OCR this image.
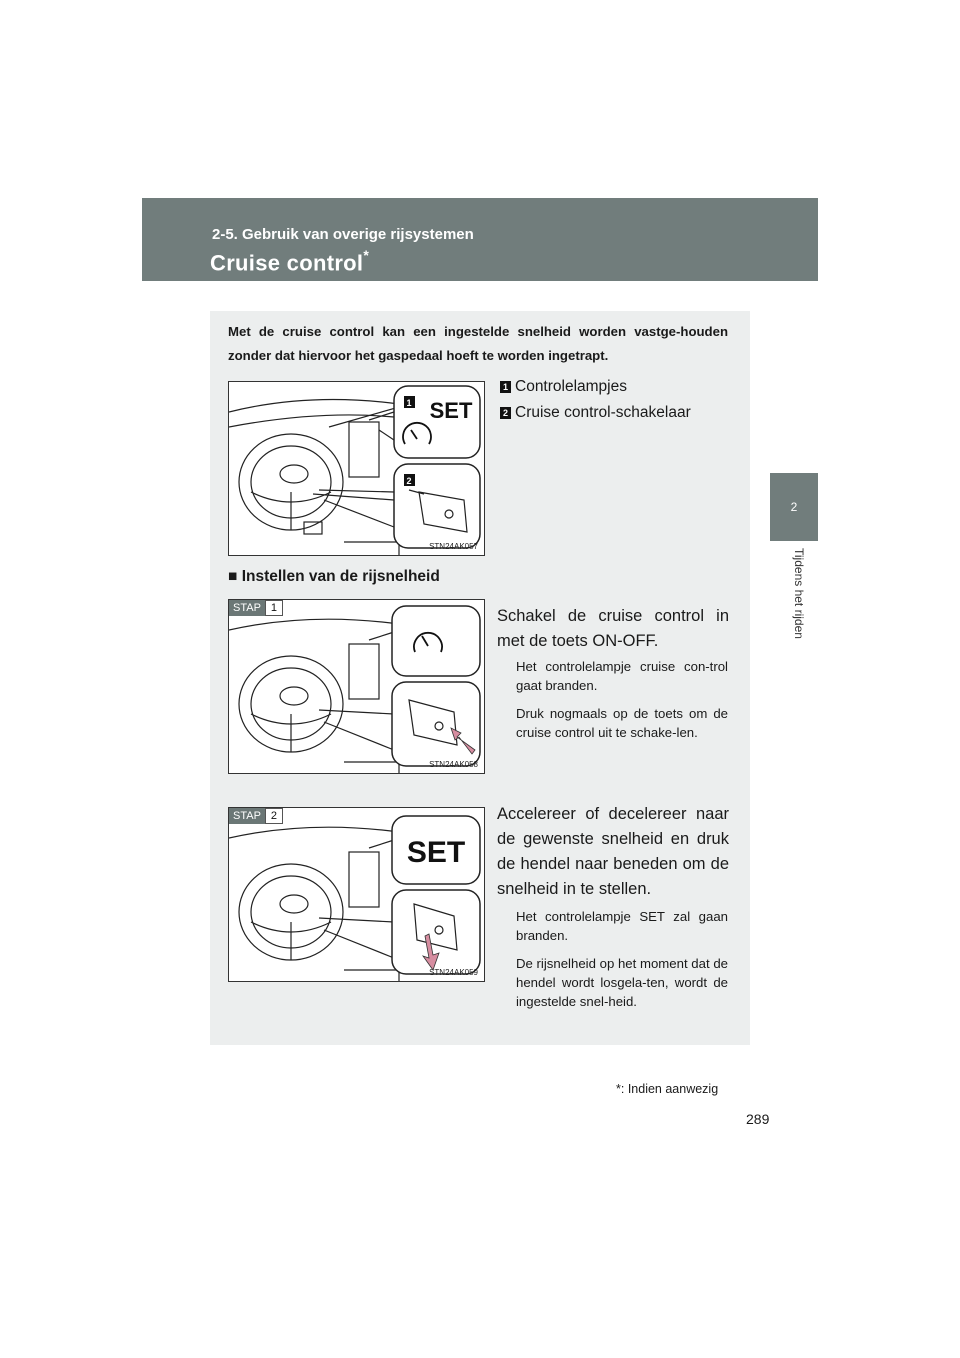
2-5. Gebruik van overige rijsystemen
Cruise control*
2
Tijdens het rijden
Met de cruise control kan een ingestelde snelheid worden vastge-houden zonder dat hiervoor het gaspedaal hoeft te worden ingetrapt.
1 SET
2
STN24AK057
1 Controlelampjes
2 Cruise control-schakelaar
■ Instellen van de rijsnelheid
STAP 1
STN24AK058
Schakel de cruise control in met de toets ON-OFF.
Het controlelampje cruise con-trol gaat branden.
Druk nogmaals op de toets om de cruise control uit te schake-len.
SET
STAP 2
STN24AK059
Accelereer of decelereer naar de gewenste snelheid en druk de hendel naar beneden om de snelheid in te stellen.
Het controlelampje SET zal gaan branden.
De rijsnelheid op het moment dat de hendel wordt losgela-ten, wordt de ingestelde snel-heid.
*: Indien aanwezig
289
